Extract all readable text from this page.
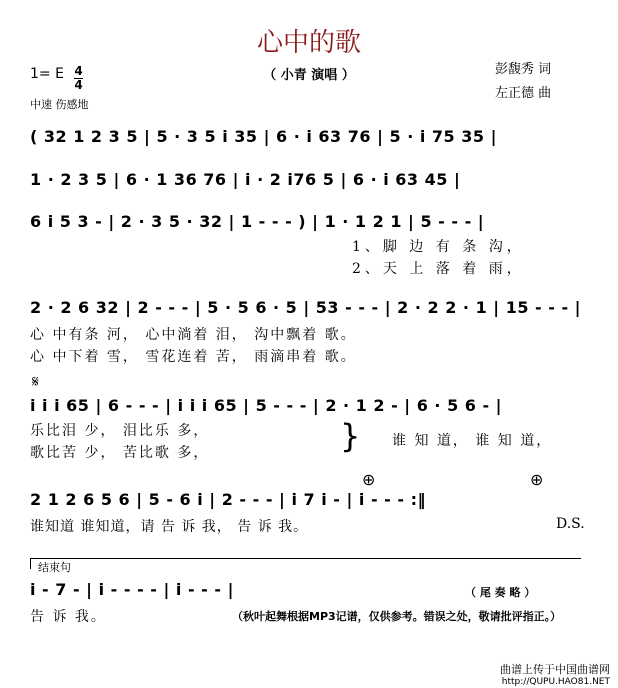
心中的歌
（ 小青 演唱 ）	彭馥秀 词
左正德 曲
1= E 4
4
中速 伤感地
( 32 1 2 3 5 | 5 · 3 5 i 35 | 6 · i 63 76 | 5 · i 75 35 |
1 · 2 3 5 | 6 · 1 36 76 | i · 2 i76 5 | 6 · i 63 45 |
6 i 5 3 - | 2 · 3 5 · 32 | 1 - - - ) | 1 · 1 2 1 | 5 - - - |
1、脚 边 有 条 沟，
2、天 上 落 着 雨，
2 · 2 6 32 | 2 - - - | 5 · 5 6 · 5 | 53 - - - | 2 · 2 2 · 1 | 15 - - - |
心 中有条 河， 心中淌着 泪， 沟中飘着 歌。
心 中下着 雪， 雪花连着 苦， 雨滴串着 歌。
𝄋
i i i 65 | 6 - - - | i i i 65 | 5 - - - | 2 · 1 2 - | 6 · 5 6 - |
乐比泪 少， 泪比乐 多，
歌比苦 少， 苦比歌 多，	} 谁 知 道， 谁 知 道，
⊕	⊕
2 1 2 6 5 6 | 5 - 6 i | 2 - - - | i 7 i - | i - - - :‖
谁知道 谁知道，请 告 诉 我， 告 诉 我。	D.S.
结束句
i - 7 - | i - - - - | i - - - |	（ 尾 奏 略 ）
告 诉 我。	（秋叶起舞根据MP3记谱，仅供参考。错误之处，敬请批评指正。）
曲谱上传于中国曲谱网
http://QUPU.HAO81.NET
